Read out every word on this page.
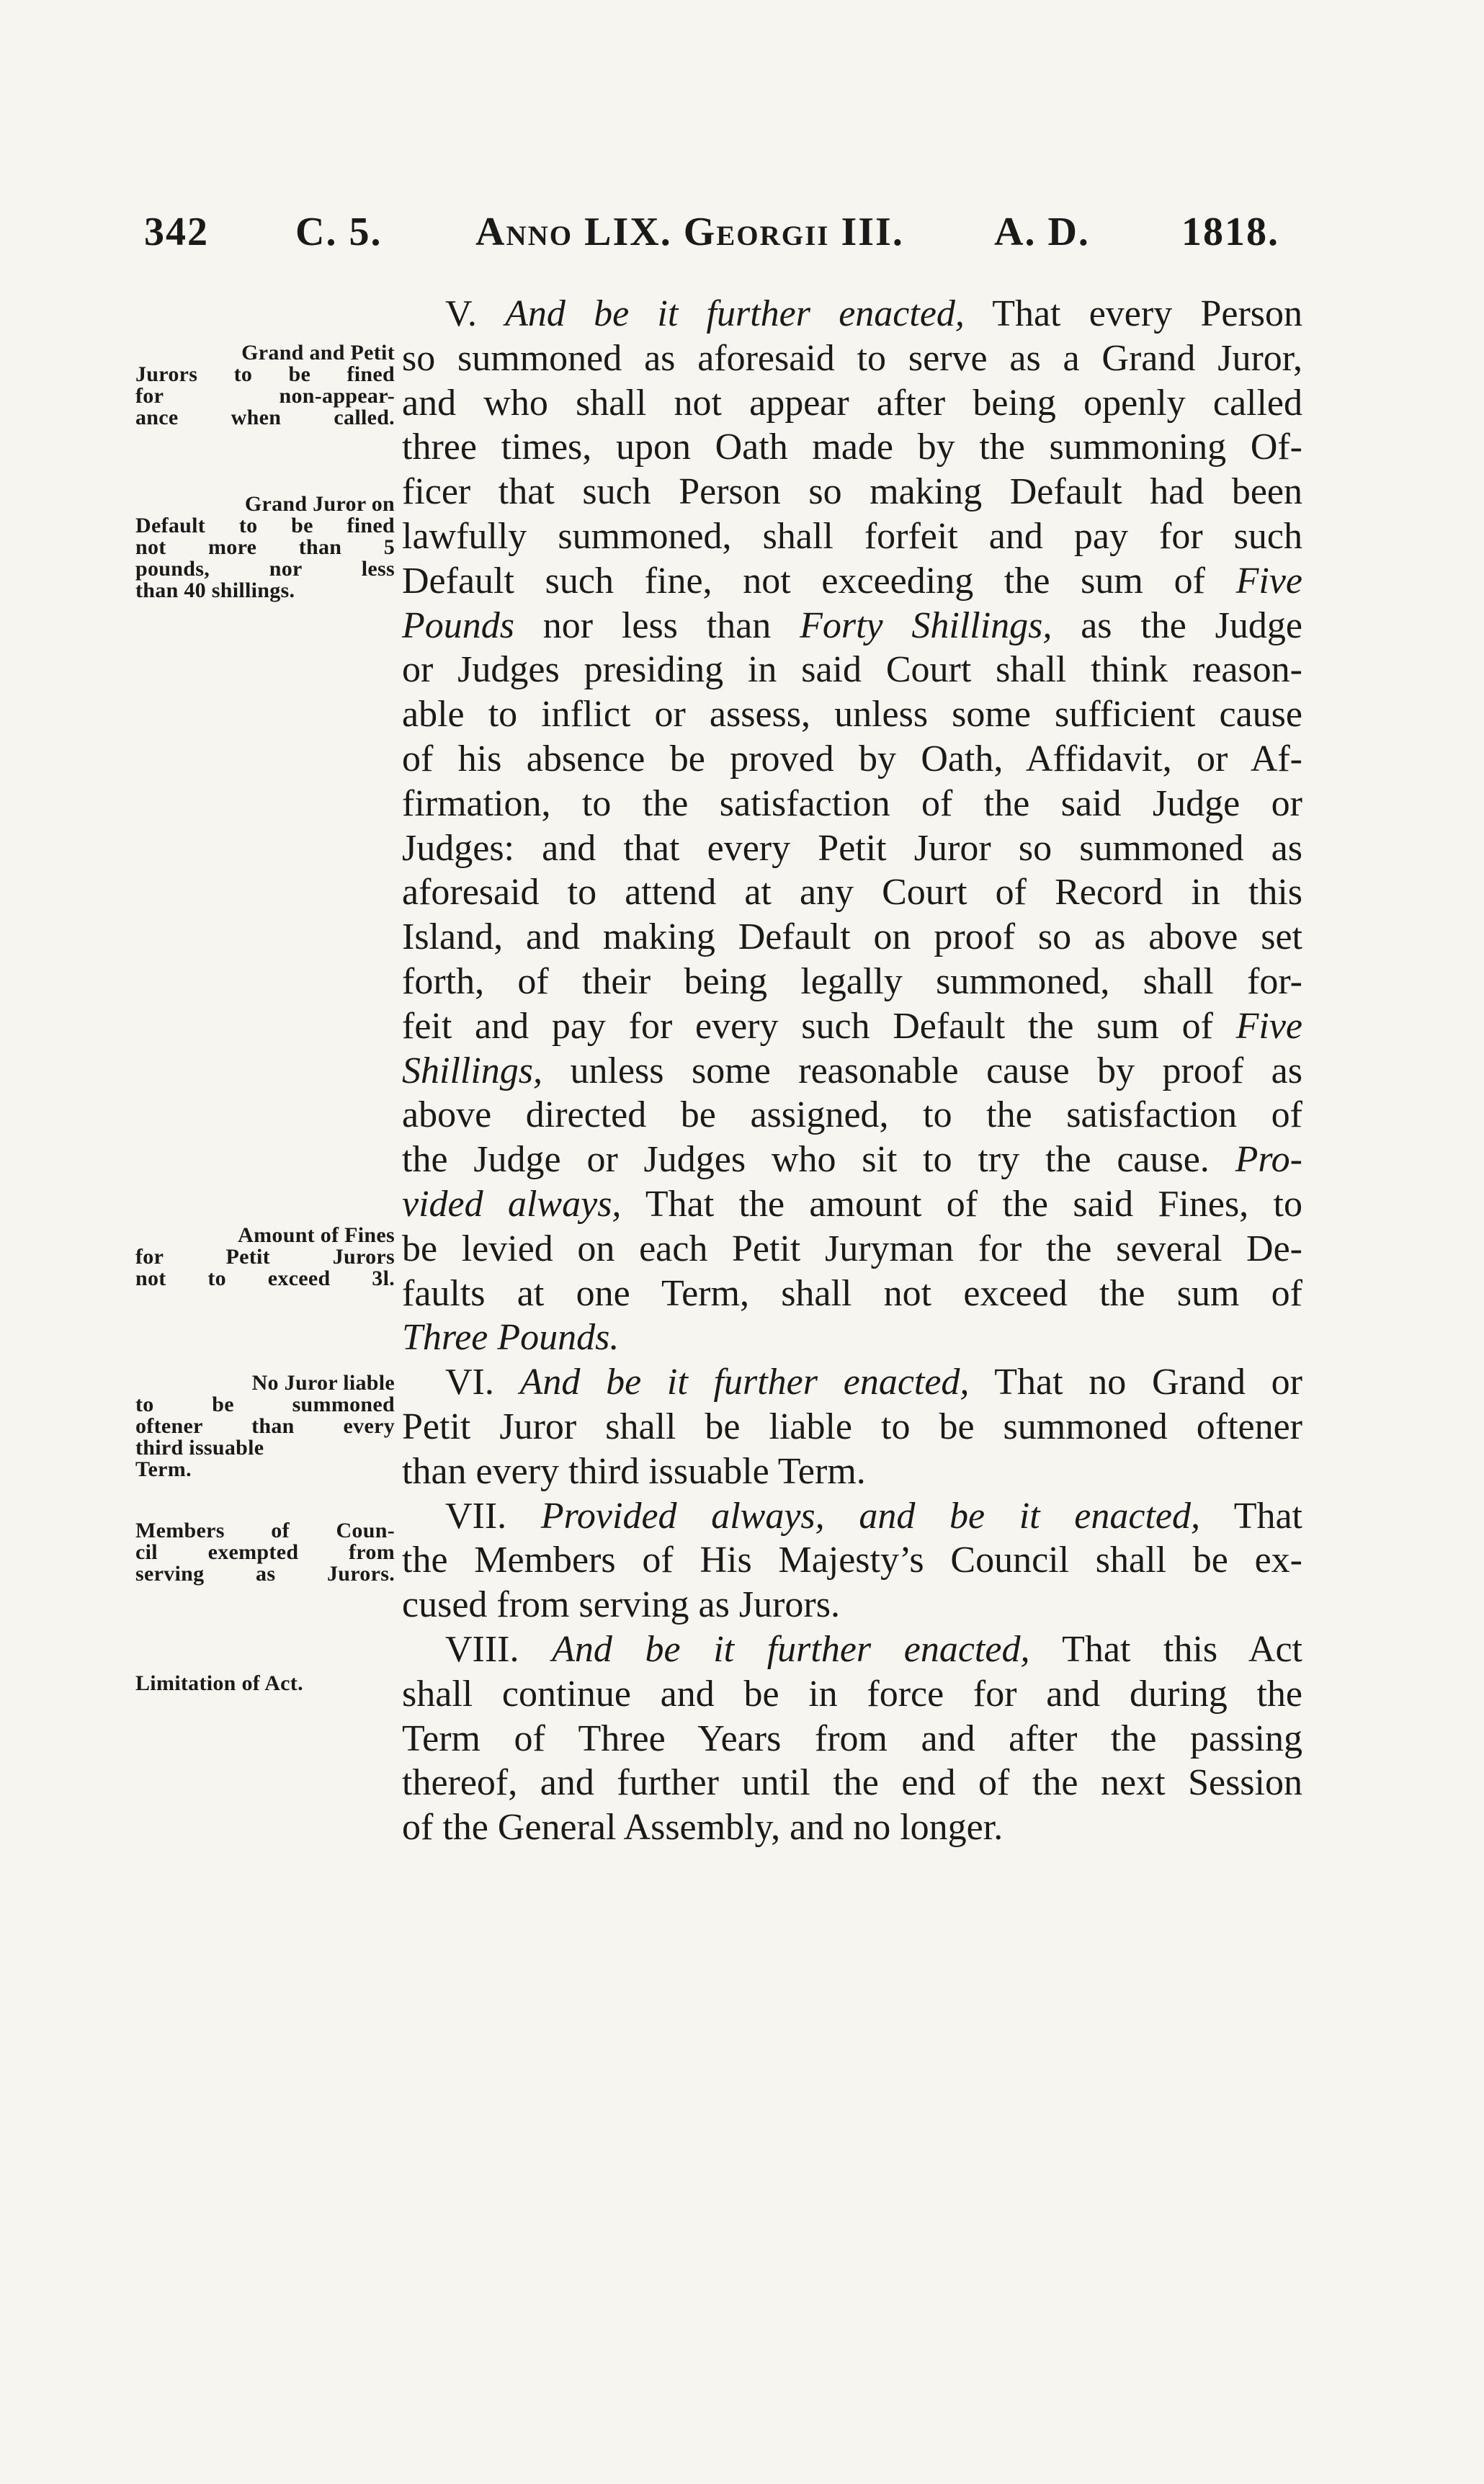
342 C. 5. Anno LIX. Georgii III. A. D. 1818.
Grand and Petit
Jurors to be fined
for non-appear-
ance when called.
Grand Juror on
Default to be fined
not more than 5
pounds, nor less
than 40 shillings.
Amount of Fines
for Petit Jurors
not to exceed 3l.
No Juror liable
to be summoned
oftener than every
third issuable
Term.
Members of Coun-
cil exempted from
serving as Jurors.
Limitation of Act.
V. And be it further enacted, That every Person
so summoned as aforesaid to serve as a Grand Juror,
and who shall not appear after being openly called
three times, upon Oath made by the summoning Of-
ficer that such Person so making Default had been
lawfully summoned, shall forfeit and pay for such
Default such fine, not exceeding the sum of Five
Pounds nor less than Forty Shillings, as the Judge
or Judges presiding in said Court shall think reason-
able to inflict or assess, unless some sufficient cause
of his absence be proved by Oath, Affidavit, or Af-
firmation, to the satisfaction of the said Judge or
Judges: and that every Petit Juror so summoned as
aforesaid to attend at any Court of Record in this
Island, and making Default on proof so as above set
forth, of their being legally summoned, shall for-
feit and pay for every such Default the sum of Five
Shillings, unless some reasonable cause by proof as
above directed be assigned, to the satisfaction of
the Judge or Judges who sit to try the cause. Pro-
vided always, That the amount of the said Fines, to
be levied on each Petit Juryman for the several De-
faults at one Term, shall not exceed the sum of
Three Pounds.
VI. And be it further enacted, That no Grand or
Petit Juror shall be liable to be summoned oftener
than every third issuable Term.
VII. Provided always, and be it enacted, That
the Members of His Majesty’s Council shall be ex-
cused from serving as Jurors.
VIII. And be it further enacted, That this Act
shall continue and be in force for and during the
Term of Three Years from and after the passing
thereof, and further until the end of the next Session
of the General Assembly, and no longer.
